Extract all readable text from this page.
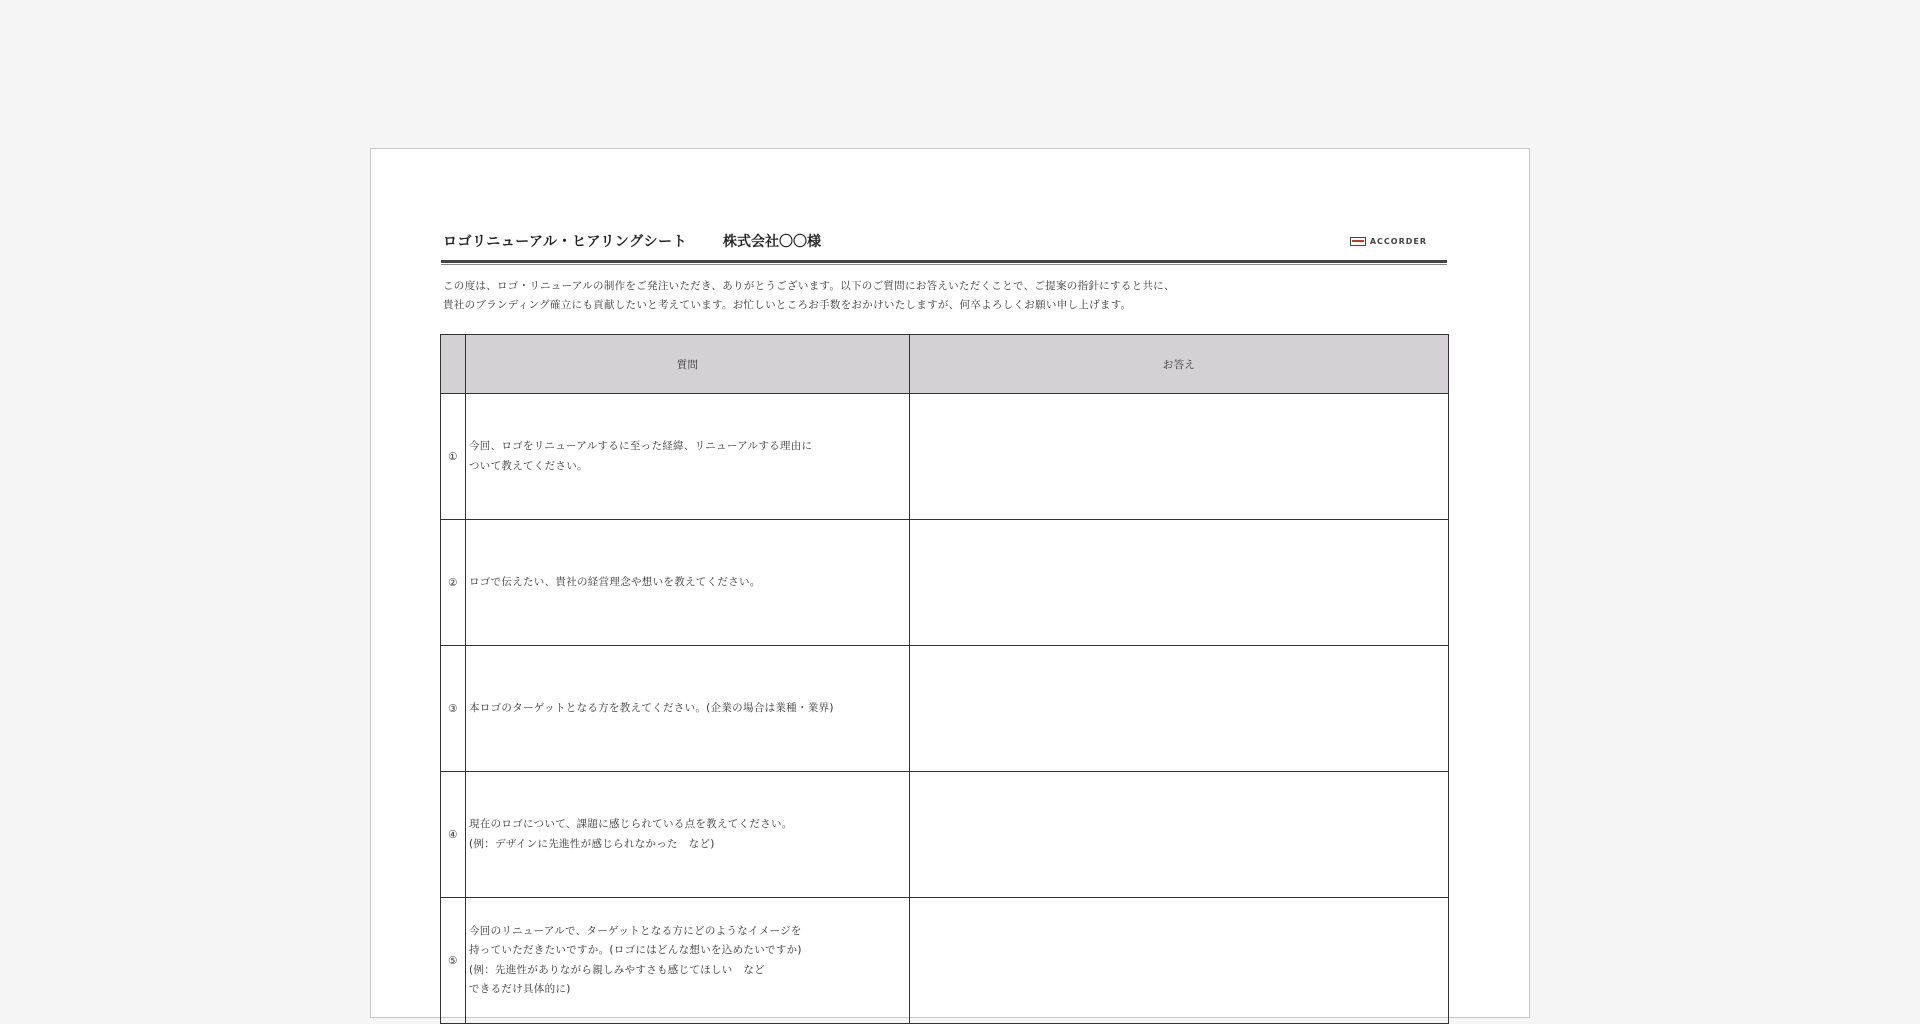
ロゴリニューアル・ヒアリングシート	株式会社〇〇様	ACCORDER
この度は、ロゴ・リニューアルの制作をご発注いただき、ありがとうございます。以下のご質問にお答えいただくことで、ご提案の指針にすると共に、
貴社のブランディング確立にも貢献したいと考えています。お忙しいところお手数をおかけいたしますが、何卒よろしくお願い申し上げます。
	質問	お答え
①	今回、ロゴをリニューアルするに至った経緯、リニューアルする理由に
ついて教えてください。	

②	ロゴで伝えたい、貴社の経営理念や想いを教えてください。	

③	本ロゴのターゲットとなる方を教えてください。(企業の場合は業種・業界)	

④	現在のロゴについて、課題に感じられている点を教えてください。
(例：デザインに先進性が感じられなかった　など)	

⑤	今回のリニューアルで、ターゲットとなる方にどのようなイメージを
持っていただきたいですか。(ロゴにはどんな想いを込めたいですか)
(例：先進性がありながら親しみやすさも感じてほしい　など
できるだけ具体的に)	
